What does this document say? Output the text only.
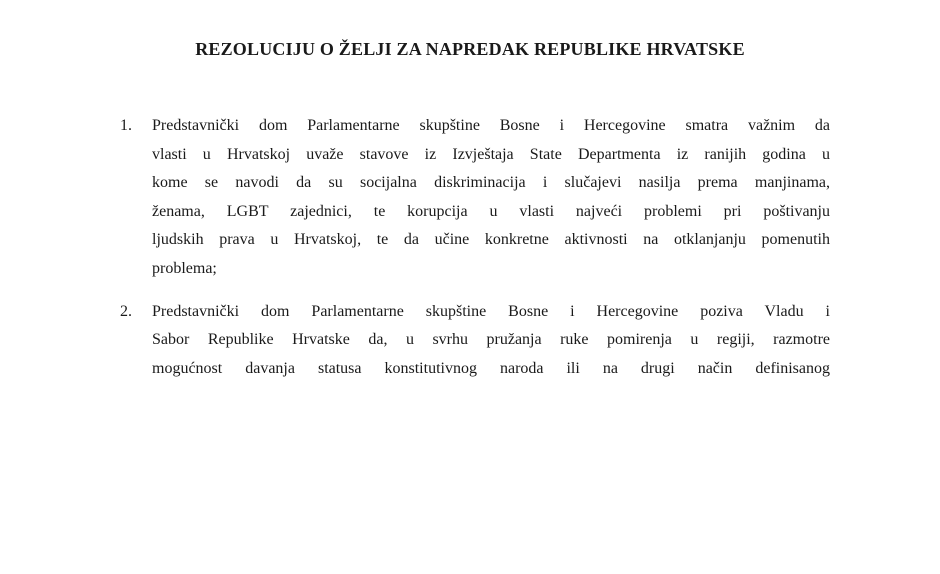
REZOLUCIJU O ŽELJI ZA NAPREDAK REPUBLIKE HRVATSKE
1. Predstavnički dom Parlamentarne skupštine Bosne i Hercegovine smatra važnim da
vlasti u Hrvatskoj uvaže stavove iz Izvještaja State Departmenta iz ranijih godina u
kome se navodi da su socijalna diskriminacija i slučajevi nasilja prema manjinama,
ženama, LGBT zajednici, te korupcija u vlasti najveći problemi pri poštivanju
ljudskih prava u Hrvatskoj, te da učine konkretne aktivnosti na otklanjanju pomenutih
problema;
2. Predstavnički dom Parlamentarne skupštine Bosne i Hercegovine poziva Vladu i
Sabor Republike Hrvatske da, u svrhu pružanja ruke pomirenja u regiji, razmotre
mogućnost davanja statusa konstitutivnog naroda ili na drugi način definisanog
